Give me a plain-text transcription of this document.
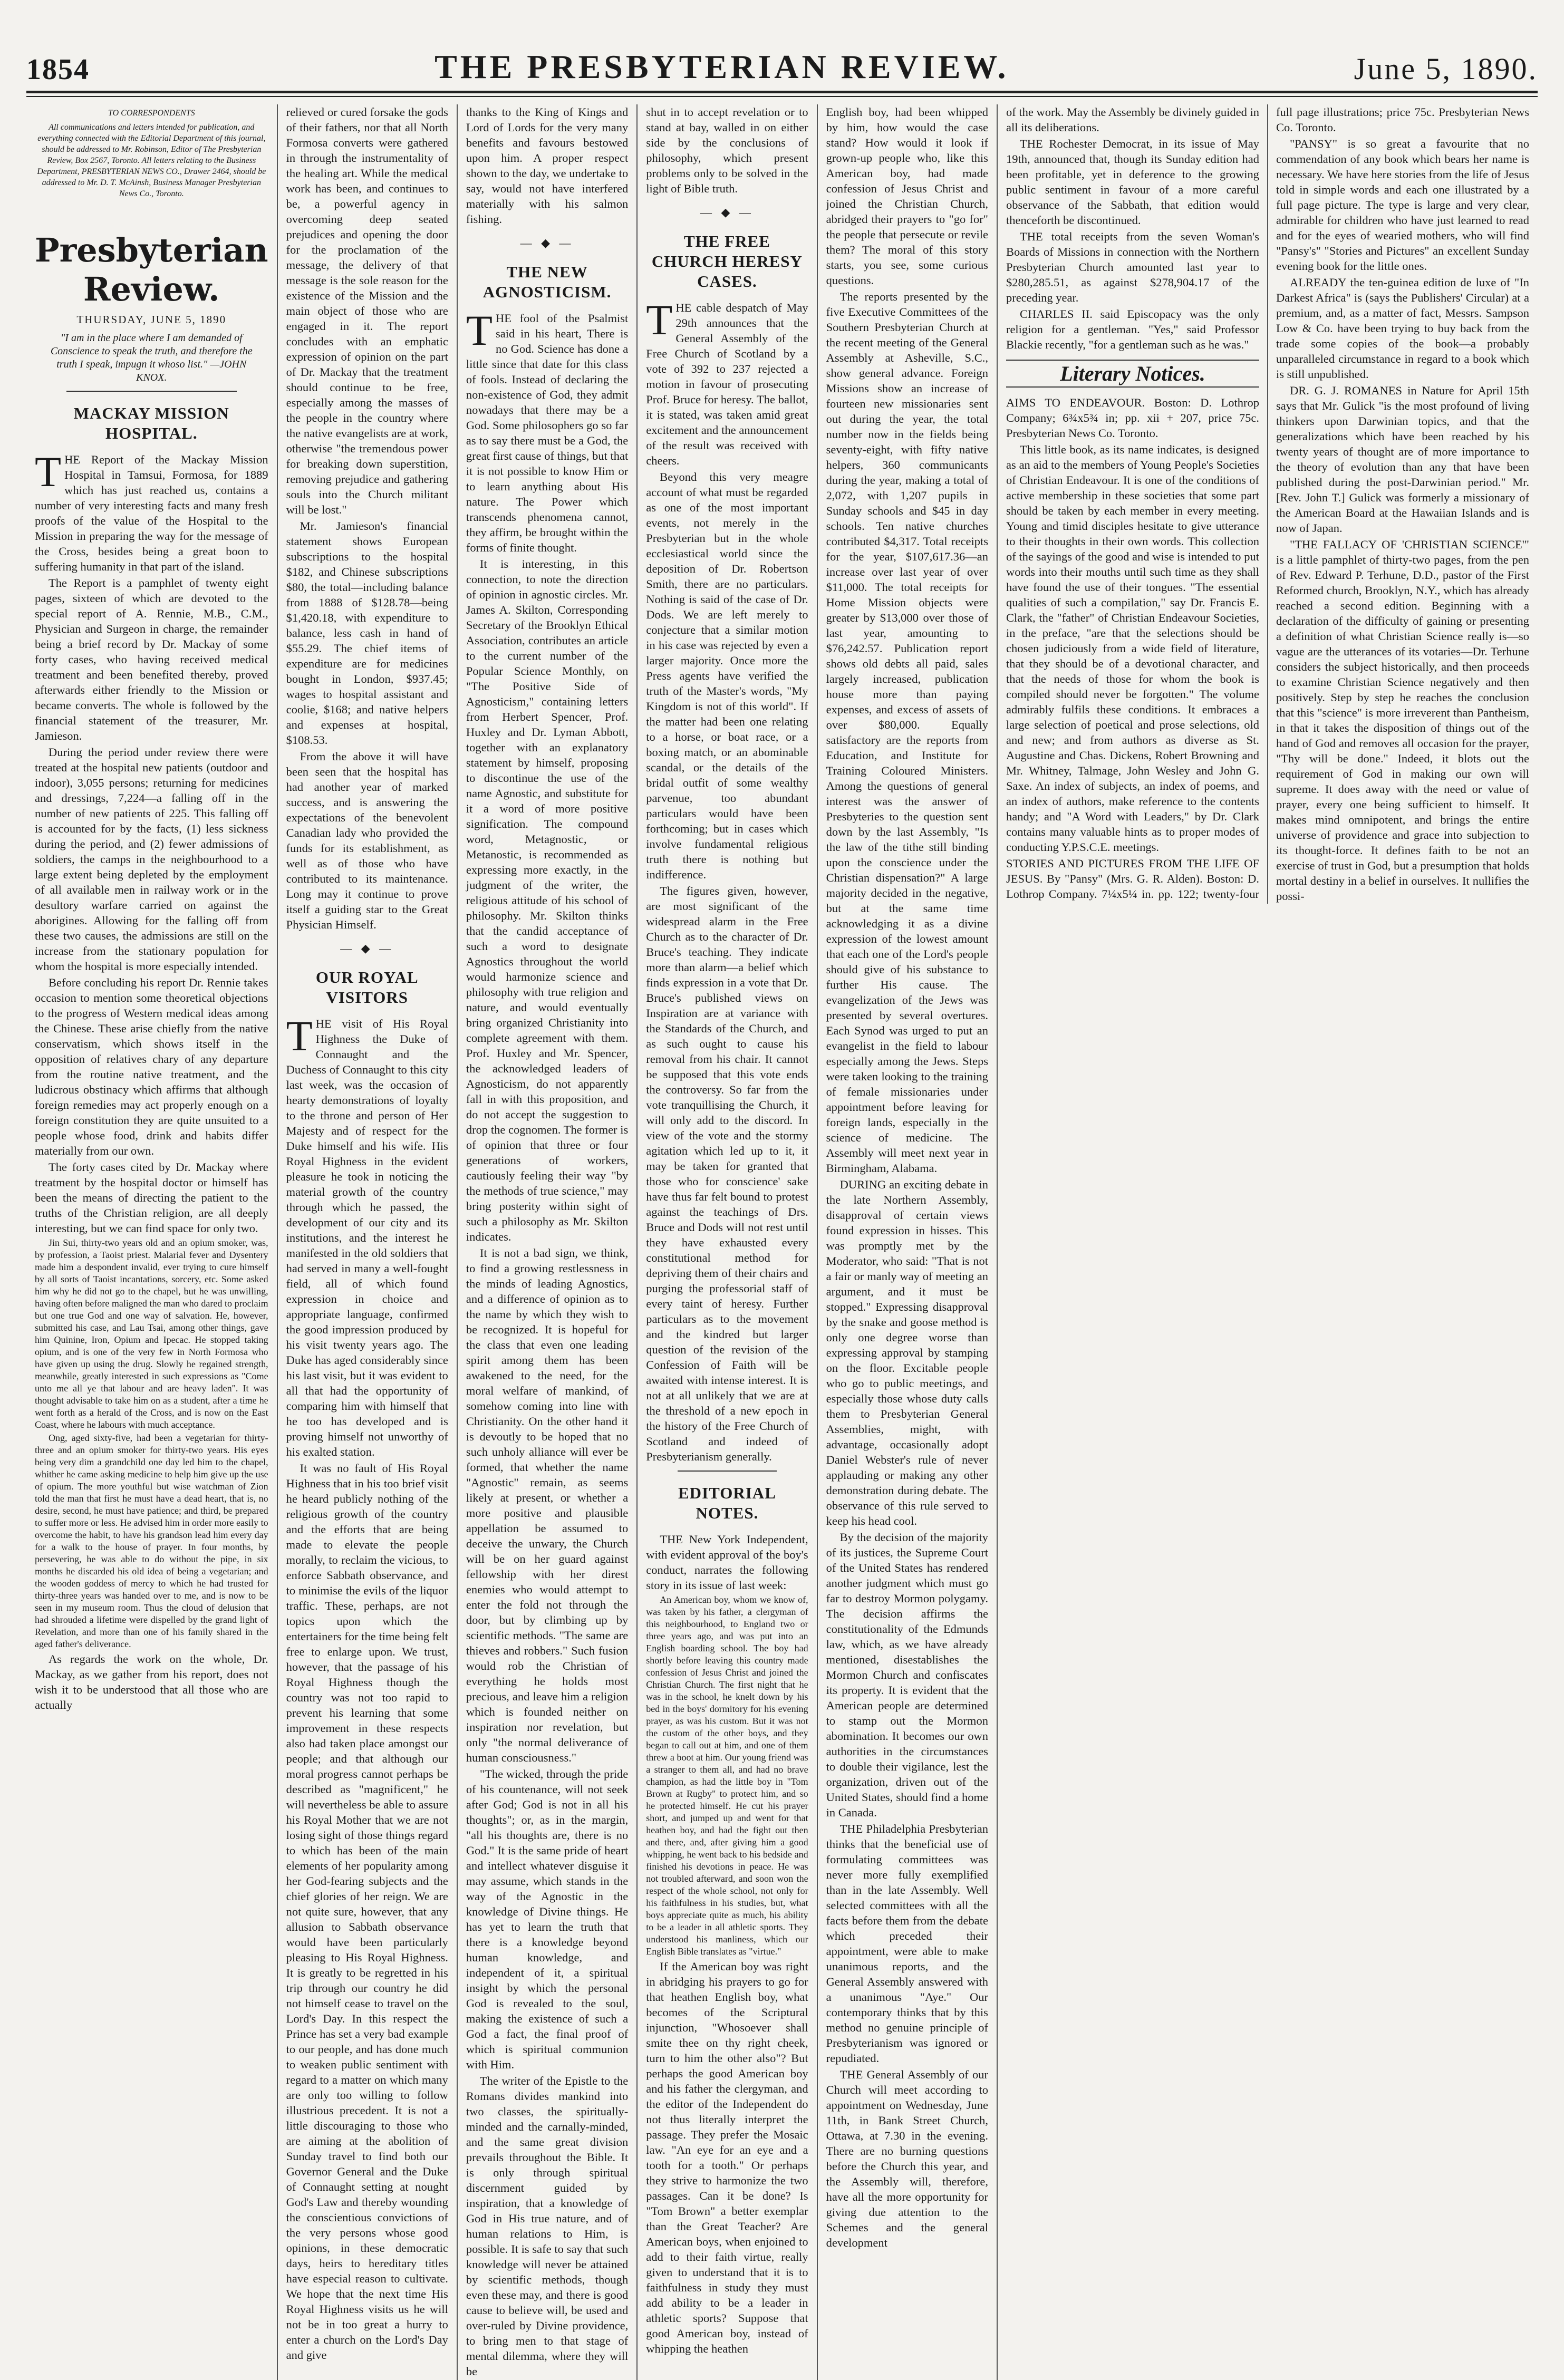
1854	THE PRESBYTERIAN REVIEW.	June 5, 1890.
TO CORRESPONDENTS
All communications and letters intended for publication, and everything connected with the Editorial Department of this journal, should be addressed to Mr. Robinson, Editor of The Presbyterian Review, Box 2567, Toronto. All letters relating to the Business Department, PRESBYTERIAN NEWS CO., Drawer 2464, should be addressed to Mr. D. T. McAinsh, Business Manager Presbyterian News Co., Toronto.
Presbyterian Review.
THURSDAY, JUNE 5, 1890
"I am in the place where I am demanded of Conscience to speak the truth, and therefore the truth I speak, impugn it whoso list." —JOHN KNOX.
MACKAY MISSION HOSPITAL.

THE Report of the Mackay Mission Hospital in Tamsui, Formosa, for 1889 which has just reached us, contains a number of very interesting facts and many fresh proofs of the value of the Hospital to the Mission in preparing the way for the message of the Cross, besides being a great boon to suffering humanity in that part of the island.

The Report is a pamphlet of twenty eight pages, sixteen of which are devoted to the special report of A. Rennie, M.B., C.M., Physician and Surgeon in charge, the remainder being a brief record by Dr. Mackay of some forty cases, who having received medical treatment and been benefited thereby, proved afterwards either friendly to the Mission or became converts. The whole is followed by the financial statement of the treasurer, Mr. Jamieson.

During the period under review there were treated at the hospital new patients (outdoor and indoor), 3,055 persons; returning for medicines and dressings, 7,224—a falling off in the number of new patients of 225. This falling off is accounted for by the facts, (1) less sickness during the period, and (2) fewer admissions of soldiers, the camps in the neighbourhood to a large extent being depleted by the employment of all available men in railway work or in the desultory warfare carried on against the aborigines. Allowing for the falling off from these two causes, the admissions are still on the increase from the stationary population for whom the hospital is more especially intended.

Before concluding his report Dr. Rennie takes occasion to mention some theoretical objections to the progress of Western medical ideas among the Chinese. These arise chiefly from the native conservatism, which shows itself in the opposition of relatives chary of any departure from the routine native treatment, and the ludicrous obstinacy which affirms that although foreign remedies may act properly enough on a foreign constitution they are quite unsuited to a people whose food, drink and habits differ materially from our own.

The forty cases cited by Dr. Mackay where treatment by the hospital doctor or himself has been the means of directing the patient to the truths of the Christian religion, are all deeply interesting, but we can find space for only two.

Jin Sui, thirty-two years old and an opium smoker, was, by profession, a Taoist priest. Malarial fever and Dysentery made him a despondent invalid, ever trying to cure himself by all sorts of Taoist incantations, sorcery, etc. Some asked him why he did not go to the chapel, but he was unwilling, having often before maligned the man who dared to proclaim but one true God and one way of salvation. He, however, submitted his case, and Lau Tsai, among other things, gave him Quinine, Iron, Opium and Ipecac. He stopped taking opium, and is one of the very few in North Formosa who have given up using the drug. Slowly he regained strength, meanwhile, greatly interested in such expressions as "Come unto me all ye that labour and are heavy laden". It was thought advisable to take him on as a student, after a time he went forth as a herald of the Cross, and is now on the East Coast, where he labours with much acceptance.

Ong, aged sixty-five, had been a vegetarian for thirty-three and an opium smoker for thirty-two years. His eyes being very dim a grandchild one day led him to the chapel, whither he came asking medicine to help him give up the use of opium. The more youthful but wise watchman of Zion told the man that first he must have a dead heart, that is, no desire, second, he must have patience; and third, be prepared to suffer more or less. He advised him in order more easily to overcome the habit, to have his grandson lead him every day for a walk to the house of prayer. In four months, by persevering, he was able to do without the pipe, in six months he discarded his old idea of being a vegetarian; and the wooden goddess of mercy to which he had trusted for thirty-three years was handed over to me, and is now to be seen in my museum room. Thus the cloud of delusion that had shrouded a lifetime were dispelled by the grand light of Revelation, and more than one of his family shared in the aged father's deliverance.

As regards the work on the whole, Dr. Mackay, as we gather from his report, does not wish it to be understood that all those who are actually

relieved or cured forsake the gods of their fathers, nor that all North Formosa converts were gathered in through the instrumentality of the healing art. While the medical work has been, and continues to be, a powerful agency in overcoming deep seated prejudices and opening the door for the proclamation of the message, the delivery of that message is the sole reason for the existence of the Mission and the main object of those who are engaged in it. The report concludes with an emphatic expression of opinion on the part of Dr. Mackay that the treatment should continue to be free, especially among the masses of the people in the country where the native evangelists are at work, otherwise "the tremendous power for breaking down superstition, removing prejudice and gathering souls into the Church militant will be lost."

Mr. Jamieson's financial statement shows European subscriptions to the hospital $182, and Chinese subscriptions $80, the total—including balance from 1888 of $128.78—being $1,420.18, with expenditure to balance, less cash in hand of $55.29. The chief items of expenditure are for medicines bought in London, $937.45; wages to hospital assistant and coolie, $168; and native helpers and expenses at hospital, $108.53.

From the above it will have been seen that the hospital has had another year of marked success, and is answering the expectations of the benevolent Canadian lady who provided the funds for its establishment, as well as of those who have contributed to its maintenance. Long may it continue to prove itself a guiding star to the Great Physician Himself.

— ◆ —
OUR ROYAL VISITORS

THE visit of His Royal Highness the Duke of Connaught and the Duchess of Connaught to this city last week, was the occasion of hearty demonstrations of loyalty to the throne and person of Her Majesty and of respect for the Duke himself and his wife. His Royal Highness in the evident pleasure he took in noticing the material growth of the country through which he passed, the development of our city and its institutions, and the interest he manifested in the old soldiers that had served in many a well-fought field, all of which found expression in choice and appropriate language, confirmed the good impression produced by his visit twenty years ago. The Duke has aged considerably since his last visit, but it was evident to all that had the opportunity of comparing him with himself that he too has developed and is proving himself not unworthy of his exalted station.

It was no fault of His Royal Highness that in his too brief visit he heard publicly nothing of the religious growth of the country and the efforts that are being made to elevate the people morally, to reclaim the vicious, to enforce Sabbath observance, and to minimise the evils of the liquor traffic. These, perhaps, are not topics upon which the entertainers for the time being felt free to enlarge upon. We trust, however, that the passage of his Royal Highness though the country was not too rapid to prevent his learning that some improvement in these respects also had taken place amongst our people; and that although our moral progress cannot perhaps be described as "magnificent," he will nevertheless be able to assure his Royal Mother that we are not losing sight of those things regard to which has been of the main elements of her popularity among her God-fearing subjects and the chief glories of her reign. We are not quite sure, however, that any allusion to Sabbath observance would have been particularly pleasing to His Royal Highness. It is greatly to be regretted in his trip through our country he did not himself cease to travel on the Lord's Day. In this respect the Prince has set a very bad example to our people, and has done much to weaken public sentiment with regard to a matter on which many are only too willing to follow illustrious precedent. It is not a little discouraging to those who are aiming at the abolition of Sunday travel to find both our Governor General and the Duke of Connaught setting at nought God's Law and thereby wounding the conscientious convictions of the very persons whose good opinions, in these democratic days, heirs to hereditary titles have especial reason to cultivate. We hope that the next time His Royal Highness visits us he will not be in too great a hurry to enter a church on the Lord's Day and give

thanks to the King of Kings and Lord of Lords for the very many benefits and favours bestowed upon him. A proper respect shown to the day, we undertake to say, would not have interfered materially with his salmon fishing.

— ◆ —
THE NEW AGNOSTICISM.

THE fool of the Psalmist said in his heart, There is no God. Science has done a little since that date for this class of fools. Instead of declaring the non-existence of God, they admit nowadays that there may be a God. Some philosophers go so far as to say there must be a God, the great first cause of things, but that it is not possible to know Him or to learn anything about His nature. The Power which transcends phenomena cannot, they affirm, be brought within the forms of finite thought.

It is interesting, in this connection, to note the direction of opinion in agnostic circles. Mr. James A. Skilton, Corresponding Secretary of the Brooklyn Ethical Association, contributes an article to the current number of the Popular Science Monthly, on "The Positive Side of Agnosticism," containing letters from Herbert Spencer, Prof. Huxley and Dr. Lyman Abbott, together with an explanatory statement by himself, proposing to discontinue the use of the name Agnostic, and substitute for it a word of more positive signification. The compound word, Metagnostic, or Metanostic, is recommended as expressing more exactly, in the judgment of the writer, the religious attitude of his school of philosophy. Mr. Skilton thinks that the candid acceptance of such a word to designate Agnostics throughout the world would harmonize science and philosophy with true religion and nature, and would eventually bring organized Christianity into complete agreement with them. Prof. Huxley and Mr. Spencer, the acknowledged leaders of Agnosticism, do not apparently fall in with this proposition, and do not accept the suggestion to drop the cognomen. The former is of opinion that three or four generations of workers, cautiously feeling their way "by the methods of true science," may bring posterity within sight of such a philosophy as Mr. Skilton indicates.

It is not a bad sign, we think, to find a growing restlessness in the minds of leading Agnostics, and a difference of opinion as to the name by which they wish to be recognized. It is hopeful for the class that even one leading spirit among them has been awakened to the need, for the moral welfare of mankind, of somehow coming into line with Christianity. On the other hand it is devoutly to be hoped that no such unholy alliance will ever be formed, that whether the name "Agnostic" remain, as seems likely at present, or whether a more positive and plausible appellation be assumed to deceive the unwary, the Church will be on her guard against fellowship with her direst enemies who would attempt to enter the fold not through the door, but by climbing up by scientific methods. "The same are thieves and robbers." Such fusion would rob the Christian of everything he holds most precious, and leave him a religion which is founded neither on inspiration nor revelation, but only "the normal deliverance of human consciousness."

"The wicked, through the pride of his countenance, will not seek after God; God is not in all his thoughts"; or, as in the margin, "all his thoughts are, there is no God." It is the same pride of heart and intellect whatever disguise it may assume, which stands in the way of the Agnostic in the knowledge of Divine things. He has yet to learn the truth that there is a knowledge beyond human knowledge, and independent of it, a spiritual insight by which the personal God is revealed to the soul, making the existence of such a God a fact, the final proof of which is spiritual communion with Him.

The writer of the Epistle to the Romans divides mankind into two classes, the spiritually-minded and the carnally-minded, and the same great division prevails throughout the Bible. It is only through spiritual discernment guided by inspiration, that a knowledge of God in His true nature, and of human relations to Him, is possible. It is safe to say that such knowledge will never be attained by scientific methods, though even these may, and there is good cause to believe will, be used and over-ruled by Divine providence, to bring men to that stage of mental dilemma, where they will be

shut in to accept revelation or to stand at bay, walled in on either side by the conclusions of philosophy, which present problems only to be solved in the light of Bible truth.

— ◆ —
THE FREE CHURCH HERESY CASES.

THE cable despatch of May 29th announces that the General Assembly of the Free Church of Scotland by a vote of 392 to 237 rejected a motion in favour of prosecuting Prof. Bruce for heresy. The ballot, it is stated, was taken amid great excitement and the announcement of the result was received with cheers.

Beyond this very meagre account of what must be regarded as one of the most important events, not merely in the Presbyterian but in the whole ecclesiastical world since the deposition of Dr. Robertson Smith, there are no particulars. Nothing is said of the case of Dr. Dods. We are left merely to conjecture that a similar motion in his case was rejected by even a larger majority. Once more the Press agents have verified the truth of the Master's words, "My Kingdom is not of this world". If the matter had been one relating to a horse, or boat race, or a boxing match, or an abominable scandal, or the details of the bridal outfit of some wealthy parvenue, too abundant particulars would have been forthcoming; but in cases which involve fundamental religious truth there is nothing but indifference.

The figures given, however, are most significant of the widespread alarm in the Free Church as to the character of Dr. Bruce's teaching. They indicate more than alarm—a belief which finds expression in a vote that Dr. Bruce's published views on Inspiration are at variance with the Standards of the Church, and as such ought to cause his removal from his chair. It cannot be supposed that this vote ends the controversy. So far from the vote tranquillising the Church, it will only add to the discord. In view of the vote and the stormy agitation which led up to it, it may be taken for granted that those who for conscience' sake have thus far felt bound to protest against the teachings of Drs. Bruce and Dods will not rest until they have exhausted every constitutional method for depriving them of their chairs and purging the professorial staff of every taint of heresy. Further particulars as to the movement and the kindred but larger question of the revision of the Confession of Faith will be awaited with intense interest. It is not at all unlikely that we are at the threshold of a new epoch in the history of the Free Church of Scotland and indeed of Presbyterianism generally.

EDITORIAL NOTES.

THE New York Independent, with evident approval of the boy's conduct, narrates the following story in its issue of last week:

An American boy, whom we know of, was taken by his father, a clergyman of this neighbourhood, to England two or three years ago, and was put into an English boarding school. The boy had shortly before leaving this country made confession of Jesus Christ and joined the Christian Church. The first night that he was in the school, he knelt down by his bed in the boys' dormitory for his evening prayer, as was his custom. But it was not the custom of the other boys, and they began to call out at him, and one of them threw a boot at him. Our young friend was a stranger to them all, and had no brave champion, as had the little boy in "Tom Brown at Rugby" to protect him, and so he protected himself. He cut his prayer short, and jumped up and went for that heathen boy, and had the fight out then and there, and, after giving him a good whipping, he went back to his bedside and finished his devotions in peace. He was not troubled afterward, and soon won the respect of the whole school, not only for his faithfulness in his studies, but, what boys appreciate quite as much, his ability to be a leader in all athletic sports. They understood his manliness, which our English Bible translates as "virtue."

If the American boy was right in abridging his prayers to go for that heathen English boy, what becomes of the Scriptural injunction, "Whosoever shall smite thee on thy right cheek, turn to him the other also"? But perhaps the good American boy and his father the clergyman, and the editor of the Independent do not thus literally interpret the passage. They prefer the Mosaic law. "An eye for an eye and a tooth for a tooth." Or perhaps they strive to harmonize the two passages. Can it be done? Is "Tom Brown" a better exemplar than the Great Teacher? Are American boys, when enjoined to add to their faith virtue, really given to understand that it is to faithfulness in study they must add ability to be a leader in athletic sports? Suppose that good American boy, instead of whipping the heathen

English boy, had been whipped by him, how would the case stand? How would it look if grown-up people who, like this American boy, had made confession of Jesus Christ and joined the Christian Church, abridged their prayers to "go for" the people that persecute or revile them? The moral of this story starts, you see, some curious questions.

The reports presented by the five Executive Committees of the Southern Presbyterian Church at the recent meeting of the General Assembly at Asheville, S.C., show general advance. Foreign Missions show an increase of fourteen new missionaries sent out during the year, the total number now in the fields being seventy-eight, with fifty native helpers, 360 communicants during the year, making a total of 2,072, with 1,207 pupils in Sunday schools and $45 in day schools. Ten native churches contributed $4,317. Total receipts for the year, $107,617.36—an increase over last year of over $11,000. The total receipts for Home Mission objects were greater by $13,000 over those of last year, amounting to $76,242.57. Publication report shows old debts all paid, sales largely increased, publication house more than paying expenses, and excess of assets of over $80,000. Equally satisfactory are the reports from Education, and Institute for Training Coloured Ministers. Among the questions of general interest was the answer of Presbyteries to the question sent down by the last Assembly, "Is the law of the tithe still binding upon the conscience under the Christian dispensation?" A large majority decided in the negative, but at the same time acknowledging it as a divine expression of the lowest amount that each one of the Lord's people should give of his substance to further His cause. The evangelization of the Jews was presented by several overtures. Each Synod was urged to put an evangelist in the field to labour especially among the Jews. Steps were taken looking to the training of female missionaries under appointment before leaving for foreign lands, especially in the science of medicine. The Assembly will meet next year in Birmingham, Alabama.

DURING an exciting debate in the late Northern Assembly, disapproval of certain views found expression in hisses. This was promptly met by the Moderator, who said: "That is not a fair or manly way of meeting an argument, and it must be stopped." Expressing disapproval by the snake and goose method is only one degree worse than expressing approval by stamping on the floor. Excitable people who go to public meetings, and especially those whose duty calls them to Presbyterian General Assemblies, might, with advantage, occasionally adopt Daniel Webster's rule of never applauding or making any other demonstration during debate. The observance of this rule served to keep his head cool.

By the decision of the majority of its justices, the Supreme Court of the United States has rendered another judgment which must go far to destroy Mormon polygamy. The decision affirms the constitutionality of the Edmunds law, which, as we have already mentioned, disestablishes the Mormon Church and confiscates its property. It is evident that the American people are determined to stamp out the Mormon abomination. It becomes our own authorities in the circumstances to double their vigilance, lest the organization, driven out of the United States, should find a home in Canada.

THE Philadelphia Presbyterian thinks that the beneficial use of formulating committees was never more fully exemplified than in the late Assembly. Well selected committees with all the facts before them from the debate which preceded their appointment, were able to make unanimous reports, and the General Assembly answered with a unanimous "Aye." Our contemporary thinks that by this method no genuine principle of Presbyterianism was ignored or repudiated.

THE General Assembly of our Church will meet according to appointment on Wednesday, June 11th, in Bank Street Church, Ottawa, at 7.30 in the evening. There are no burning questions before the Church this year, and the Assembly will, therefore, have all the more opportunity for giving due attention to the Schemes and the general development

of the work. May the Assembly be divinely guided in all its deliberations.

THE Rochester Democrat, in its issue of May 19th, announced that, though its Sunday edition had been profitable, yet in deference to the growing public sentiment in favour of a more careful observance of the Sabbath, that edition would thenceforth be discontinued.

THE total receipts from the seven Woman's Boards of Missions in connection with the Northern Presbyterian Church amounted last year to $280,285.51, as against $278,904.17 of the preceding year.

CHARLES II. said Episcopacy was the only religion for a gentleman. "Yes," said Professor Blackie recently, "for a gentleman such as he was."

Literary Notices.

AIMS TO ENDEAVOUR. Boston: D. Lothrop Company; 6¾x5¾ in; pp. xii + 207, price 75c. Presbyterian News Co. Toronto.

This little book, as its name indicates, is designed as an aid to the members of Young People's Societies of Christian Endeavour. It is one of the conditions of active membership in these societies that some part should be taken by each member in every meeting. Young and timid disciples hesitate to give utterance to their thoughts in their own words. This collection of the sayings of the good and wise is intended to put words into their mouths until such time as they shall have found the use of their tongues. "The essential qualities of such a compilation," say Dr. Francis E. Clark, the "father" of Christian Endeavour Societies, in the preface, "are that the selections should be chosen judiciously from a wide field of literature, that they should be of a devotional character, and that the needs of those for whom the book is compiled should never be forgotten." The volume admirably fulfils these conditions. It embraces a large selection of poetical and prose selections, old and new; and from authors as diverse as St. Augustine and Chas. Dickens, Robert Browning and Mr. Whitney, Talmage, John Wesley and John G. Saxe. An index of subjects, an index of poems, and an index of authors, make reference to the contents handy; and "A Word with Leaders," by Dr. Clark contains many valuable hints as to proper modes of conducting Y.P.S.C.E. meetings.

STORIES AND PICTURES FROM THE LIFE OF JESUS. By "Pansy" (Mrs. G. R. Alden). Boston: D. Lothrop Company. 7¼x5¼ in. pp. 122; twenty-four full page illustrations; price 75c. Presbyterian News Co. Toronto.

"PANSY" is so great a favourite that no commendation of any book which bears her name is necessary. We have here stories from the life of Jesus told in simple words and each one illustrated by a full page picture. The type is large and very clear, admirable for children who have just learned to read and for the eyes of wearied mothers, who will find "Pansy's" "Stories and Pictures" an excellent Sunday evening book for the little ones.

ALREADY the ten-guinea edition de luxe of "In Darkest Africa" is (says the Publishers' Circular) at a premium, and, as a matter of fact, Messrs. Sampson Low & Co. have been trying to buy back from the trade some copies of the book—a probably unparalleled circumstance in regard to a book which is still unpublished.

DR. G. J. ROMANES in Nature for April 15th says that Mr. Gulick "is the most profound of living thinkers upon Darwinian topics, and that the generalizations which have been reached by his twenty years of thought are of more importance to the theory of evolution than any that have been published during the post-Darwinian period." Mr. [Rev. John T.] Gulick was formerly a missionary of the American Board at the Hawaiian Islands and is now of Japan.

"THE FALLACY OF 'CHRISTIAN SCIENCE'" is a little pamphlet of thirty-two pages, from the pen of Rev. Edward P. Terhune, D.D., pastor of the First Reformed church, Brooklyn, N.Y., which has already reached a second edition. Beginning with a declaration of the difficulty of gaining or presenting a definition of what Christian Science really is—so vague are the utterances of its votaries—Dr. Terhune considers the subject historically, and then proceeds to examine Christian Science negatively and then positively. Step by step he reaches the conclusion that this "science" is more irreverent than Pantheism, in that it takes the disposition of things out of the hand of God and removes all occasion for the prayer, "Thy will be done." Indeed, it blots out the requirement of God in making our own will supreme. It does away with the need or value of prayer, every one being sufficient to himself. It makes mind omnipotent, and brings the entire universe of providence and grace into subjection to its thought-force. It defines faith to be not an exercise of trust in God, but a presumption that holds mortal destiny in a belief in ourselves. It nullifies the possi-
